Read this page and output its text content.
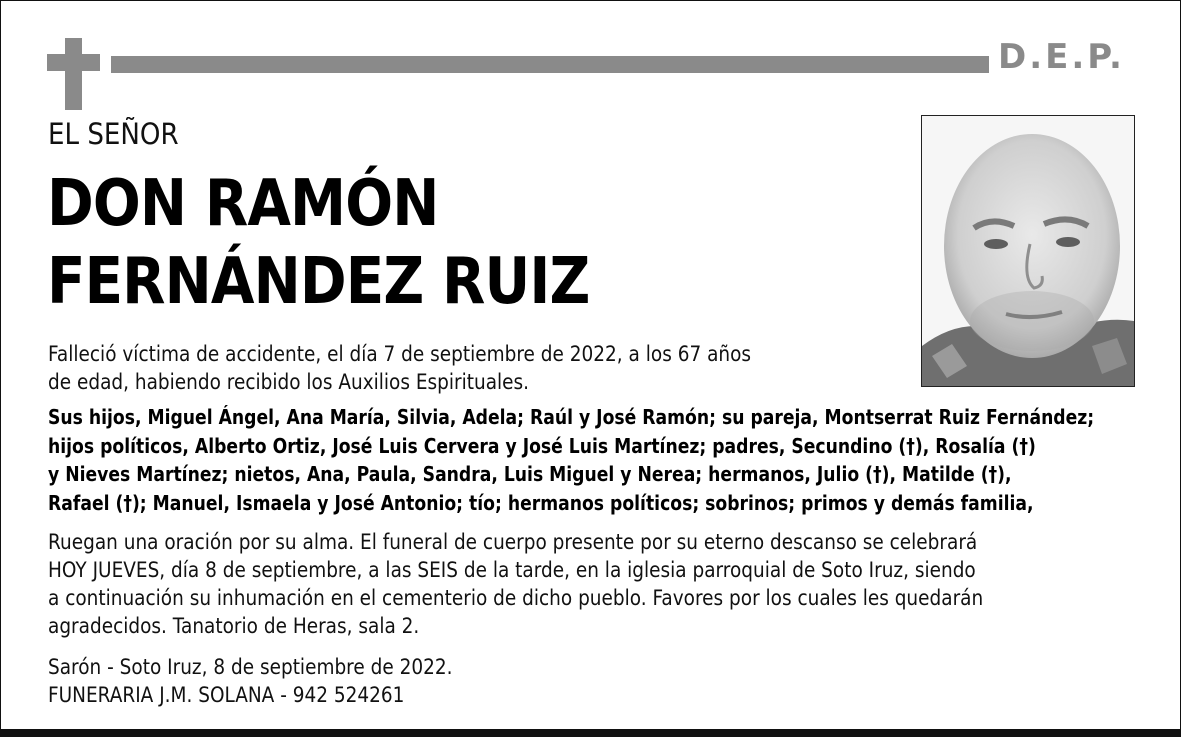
D.E.P.
EL SEÑOR
DON RAMÓN
FERNÁNDEZ RUIZ
Falleció víctima de accidente, el día 7 de septiembre de 2022, a los 67 años
de edad, habiendo recibido los Auxilios Espirituales.
Sus hijos, Miguel Ángel, Ana María, Silvia, Adela; Raúl y José Ramón; su pareja, Montserrat Ruiz Fernández;
hijos políticos, Alberto Ortiz, José Luis Cervera y José Luis Martínez; padres, Secundino (†), Rosalía (†)
y Nieves Martínez; nietos, Ana, Paula, Sandra, Luis Miguel y Nerea; hermanos, Julio (†), Matilde (†),
Rafael (†); Manuel, Ismaela y José Antonio; tío; hermanos políticos; sobrinos; primos y demás familia,
Ruegan una oración por su alma. El funeral de cuerpo presente por su eterno descanso se celebrará
HOY JUEVES, día 8 de septiembre, a las SEIS de la tarde, en la iglesia parroquial de Soto Iruz, siendo
a continuación su inhumación en el cementerio de dicho pueblo. Favores por los cuales les quedarán
agradecidos. Tanatorio de Heras, sala 2.
Sarón - Soto Iruz, 8 de septiembre de 2022.
FUNERARIA J.M. SOLANA - 942 524261
